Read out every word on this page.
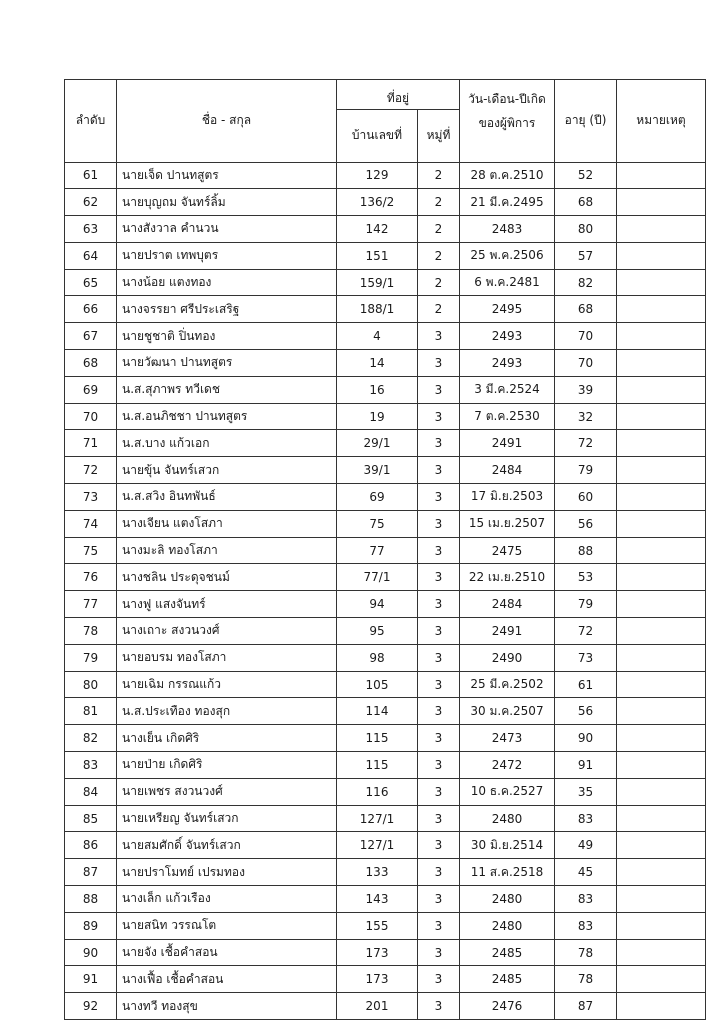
ลำดับ	ชื่อ - สกุล	ที่อยู่		วัน-เดือน-ปีเกิด	อายุ (ปี)	หมายเหตุ
		บ้านเลขที่	หมู่ที่	ของผู้พิการ		
61	นายเจ็ด ปานทสูตร	129	2	28 ต.ค.2510	52	
62	นายบุญถม จันทร์ลิ้ม	136/2	2	21 มี.ค.2495	68	
63	นางสังวาล คำนวน	142	2	2483	80	
64	นายปราต เทพบุตร	151	2	25 พ.ค.2506	57	
65	นางน้อย แตงทอง	159/1	2	6 พ.ค.2481	82	
66	นางจรรยา ศรีประเสริฐ	188/1	2	2495	68	
67	นายชูชาติ ปิ่นทอง	4	3	2493	70	
68	นายวัฒนา ปานทสูตร	14	3	2493	70	
69	น.ส.สุภาพร ทวีเดช	16	3	3 มี.ค.2524	39	
70	น.ส.อนภิชชา ปานทสูตร	19	3	7 ต.ค.2530	32	
71	น.ส.บาง แก้วเอก	29/1	3	2491	72	
72	นายขุ้น จันทร์เสวก	39/1	3	2484	79	
73	น.ส.สวิง อินทพันธ์	69	3	17 มิ.ย.2503	60	
74	นางเจียน แตงโสภา	75	3	15 เม.ย.2507	56	
75	นางมะลิ ทองโสภา	77	3	2475	88	
76	นางชลิน ประดุจชนม์	77/1	3	22 เม.ย.2510	53	
77	นางฟู แสงจันทร์	94	3	2484	79	
78	นางเถาะ สงวนวงศ์	95	3	2491	72	
79	นายอบรม ทองโสภา	98	3	2490	73	
80	นายเฉิม กรรณแก้ว	105	3	25 มี.ค.2502	61	
81	น.ส.ประเทือง ทองสุก	114	3	30 ม.ค.2507	56	
82	นางเย็น เกิดศิริ	115	3	2473	90	
83	นายป่าย เกิดศิริ	115	3	2472	91	
84	นายเพชร สงวนวงศ์	116	3	10 ธ.ค.2527	35	
85	นายเหรียญ จันทร์เสวก	127/1	3	2480	83	
86	นายสมศักดิ์ จันทร์เสวก	127/1	3	30 มิ.ย.2514	49	
87	นายปราโมทย์ เปรมทอง	133	3	11 ส.ค.2518	45	
88	นางเล็ก แก้วเรือง	143	3	2480	83	
89	นายสนิท วรรณโต	155	3	2480	83	
90	นายจัง เชื้อคำสอน	173	3	2485	78	
91	นางเฟื้อ เชื้อคำสอน	173	3	2485	78	
92	นางทวี ทองสุข	201	3	2476	87	
